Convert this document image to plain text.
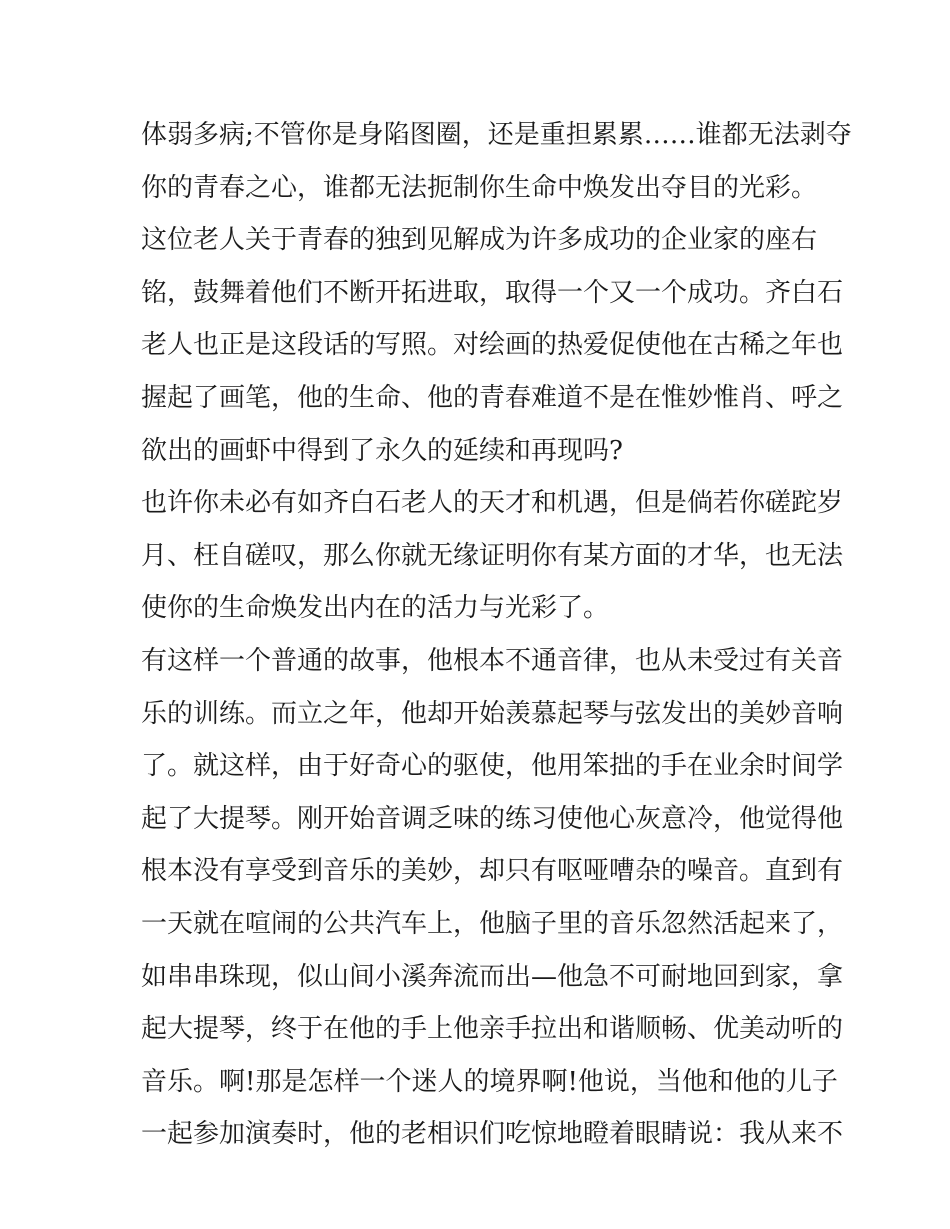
体弱多病;不管你是身陷图圈，还是重担累累……谁都无法剥夺
你的青春之心，谁都无法扼制你生命中焕发出夺目的光彩。
这位老人关于青春的独到见解成为许多成功的企业家的座右
铭，鼓舞着他们不断开拓进取，取得一个又一个成功。齐白石
老人也正是这段话的写照。对绘画的热爱促使他在古稀之年也
握起了画笔，他的生命、他的青春难道不是在惟妙惟肖、呼之
欲出的画虾中得到了永久的延续和再现吗?
也许你未必有如齐白石老人的天才和机遇，但是倘若你磋跎岁
月、枉自磋叹，那么你就无缘证明你有某方面的才华，也无法
使你的生命焕发出内在的活力与光彩了。
有这样一个普通的故事，他根本不通音律，也从未受过有关音
乐的训练。而立之年，他却开始羡慕起琴与弦发出的美妙音响
了。就这样，由于好奇心的驱使，他用笨拙的手在业余时间学
起了大提琴。刚开始音调乏味的练习使他心灰意冷，他觉得他
根本没有享受到音乐的美妙，却只有呕哑嘈杂的噪音。直到有
一天就在喧闹的公共汽车上，他脑子里的音乐忽然活起来了，
如串串珠现，似山间小溪奔流而出—他急不可耐地回到家，拿
起大提琴，终于在他的手上他亲手拉出和谐顺畅、优美动听的
音乐。啊!那是怎样一个迷人的境界啊!他说，当他和他的儿子
一起参加演奏时，他的老相识们吃惊地瞪着眼睛说：我从来不
